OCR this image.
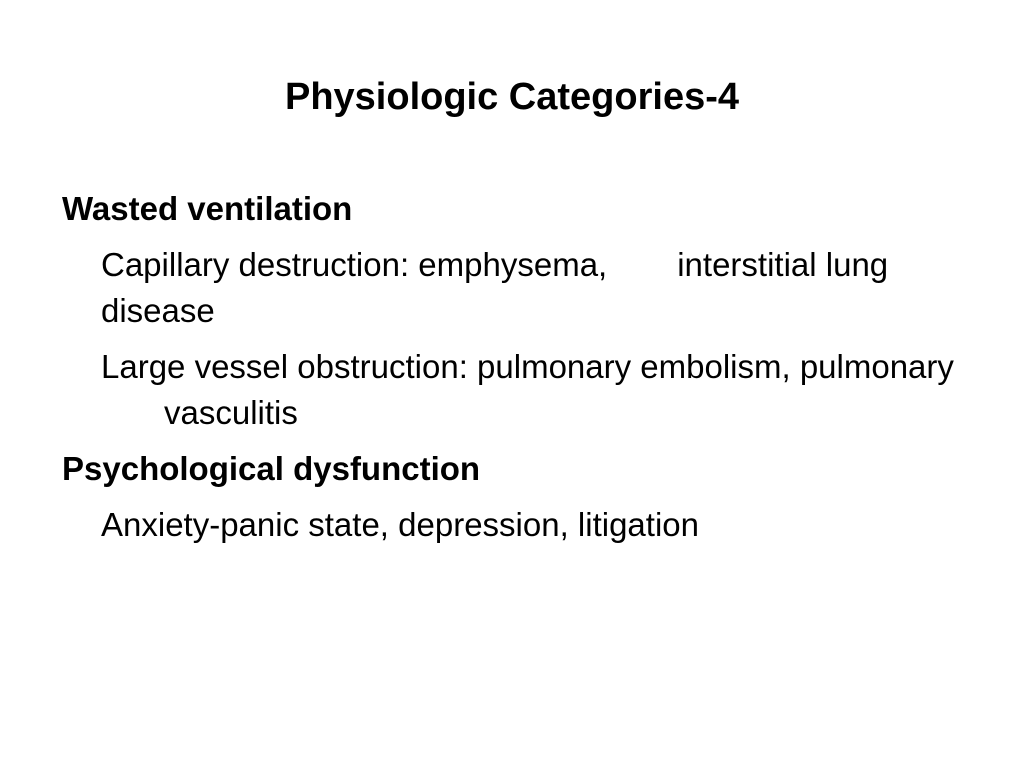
Physiologic Categories-4

Wasted ventilation

Capillary destruction: emphysema, interstitial lung disease

Large vessel obstruction: pulmonary embolism, pulmonary vasculitis

Psychological dysfunction

Anxiety-panic state, depression, litigation
